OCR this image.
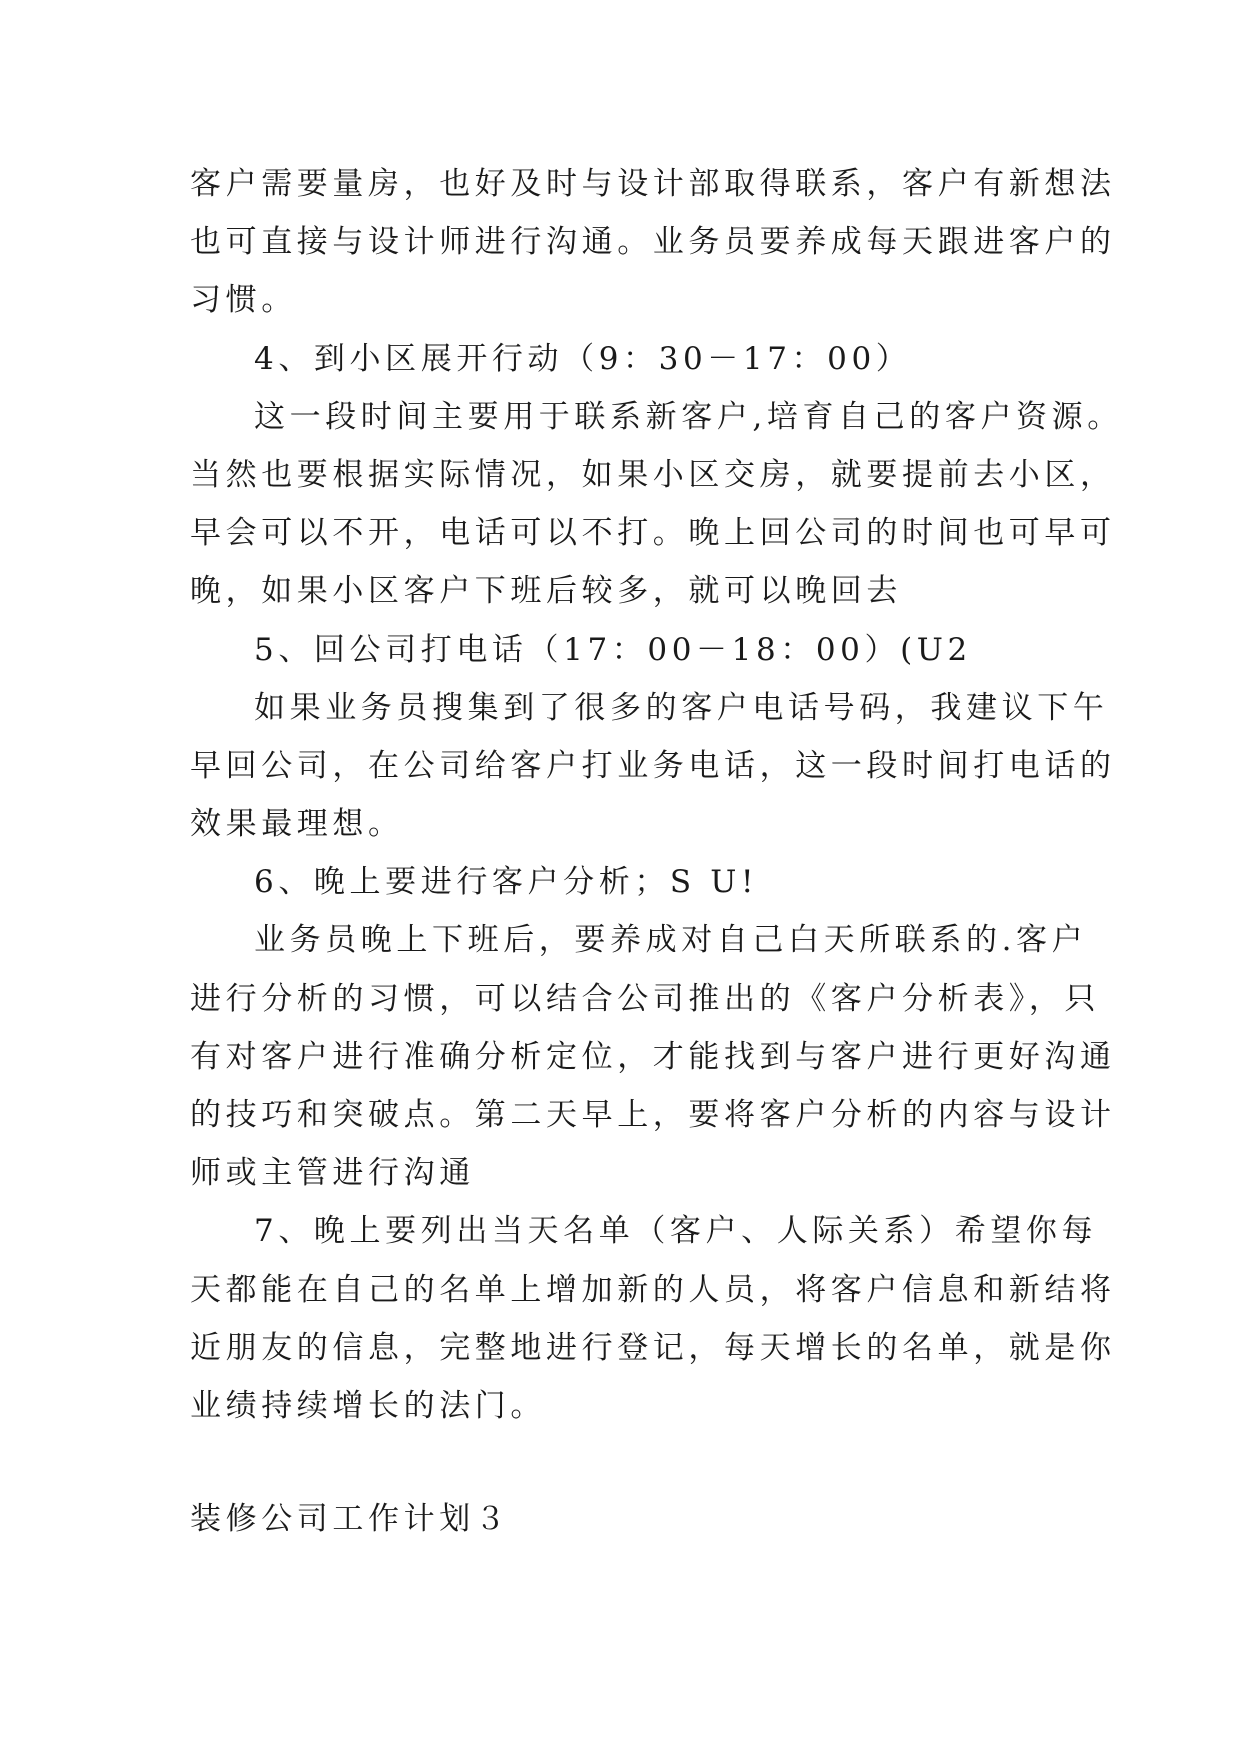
客户需要量房，也好及时与设计部取得联系，客户有新想法
也可直接与设计师进行沟通。业务员要养成每天跟进客户的
习惯。
4、到小区展开行动（9：30－17：00）
这一段时间主要用于联系新客户,培育自己的客户资源。
当然也要根据实际情况，如果小区交房，就要提前去小区，
早会可以不开，电话可以不打。晚上回公司的时间也可早可
晚，如果小区客户下班后较多，就可以晚回去
5、回公司打电话（17：00－18：00）(U2
如果业务员搜集到了很多的客户电话号码，我建议下午
早回公司，在公司给客户打业务电话，这一段时间打电话的
效果最理想。
6、晚上要进行客户分析；S U!
业务员晚上下班后，要养成对自己白天所联系的.客户
进行分析的习惯，可以结合公司推出的《客户分析表》，只
有对客户进行准确分析定位，才能找到与客户进行更好沟通
的技巧和突破点。第二天早上，要将客户分析的内容与设计
师或主管进行沟通
7、晚上要列出当天名单（客户、人际关系）希望你每
天都能在自己的名单上增加新的人员，将客户信息和新结将
近朋友的信息，完整地进行登记，每天增长的名单，就是你
业绩持续增长的法门。
装修公司工作计划３
